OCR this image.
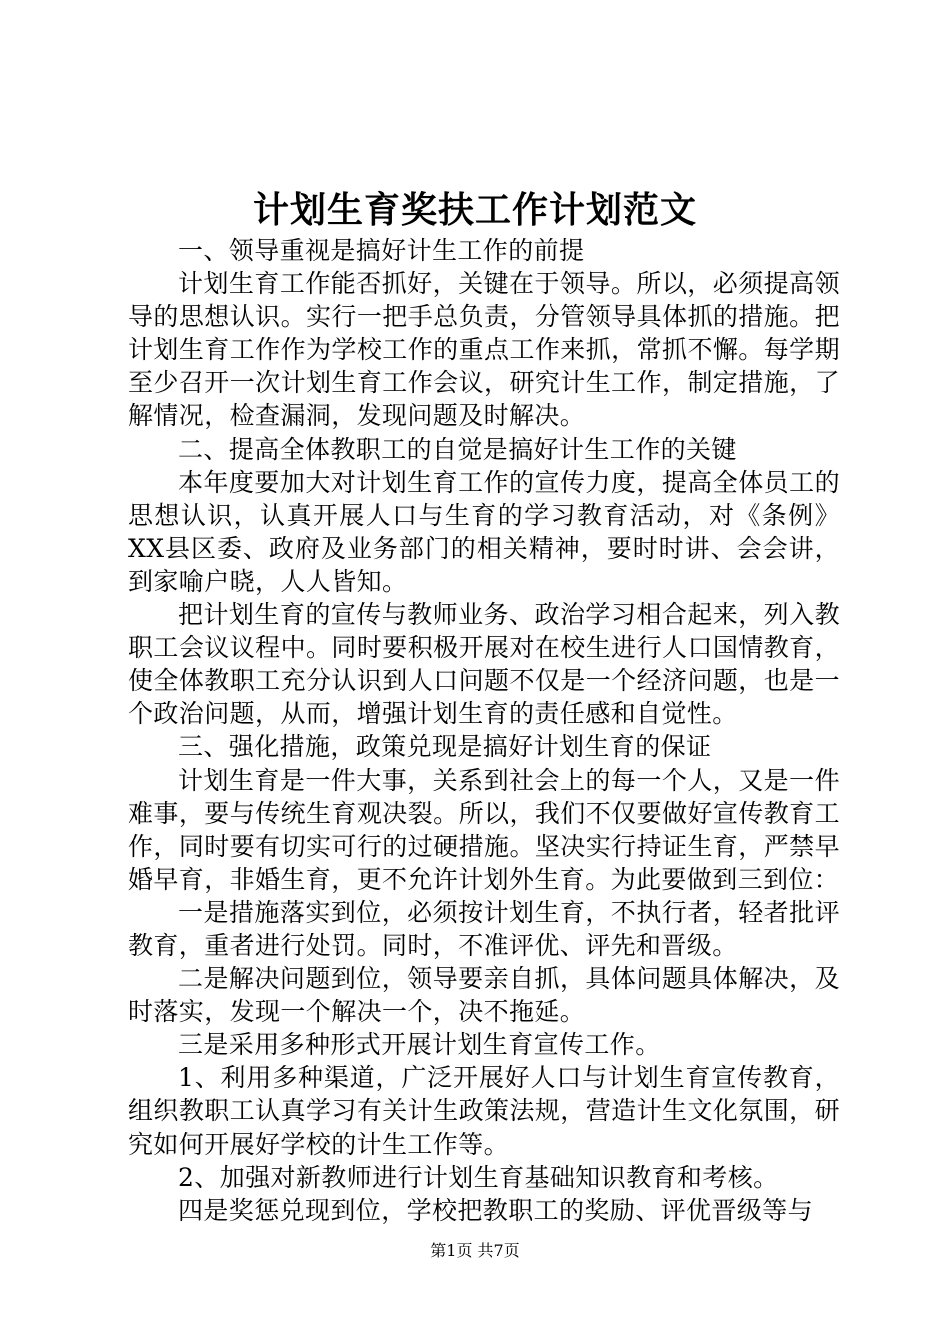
计划生育奖扶工作计划范文

一、领导重视是搞好计生工作的前提

计划生育工作能否抓好，关键在于领导。所以，必须提高领导的思想认识。实行一把手总负责，分管领导具体抓的措施。把计划生育工作作为学校工作的重点工作来抓，常抓不懈。每学期至少召开一次计划生育工作会议，研究计生工作，制定措施，了解情况，检查漏洞，发现问题及时解决。

二、提高全体教职工的自觉是搞好计生工作的关键

本年度要加大对计划生育工作的宣传力度，提高全体员工的思想认识，认真开展人口与生育的学习教育活动，对《条例》XX县区委、政府及业务部门的相关精神，要时时讲、会会讲，到家喻户晓，人人皆知。

把计划生育的宣传与教师业务、政治学习相合起来，列入教职工会议议程中。同时要积极开展对在校生进行人口国情教育，使全体教职工充分认识到人口问题不仅是一个经济问题，也是一个政治问题，从而，增强计划生育的责任感和自觉性。

三、强化措施，政策兑现是搞好计划生育的保证

计划生育是一件大事，关系到社会上的每一个人，又是一件难事，要与传统生育观决裂。所以，我们不仅要做好宣传教育工作，同时要有切实可行的过硬措施。坚决实行持证生育，严禁早婚早育，非婚生育，更不允许计划外生育。为此要做到三到位：

一是措施落实到位，必须按计划生育，不执行者，轻者批评教育，重者进行处罚。同时，不准评优、评先和晋级。

二是解决问题到位，领导要亲自抓，具体问题具体解决，及时落实，发现一个解决一个，决不拖延。

三是采用多种形式开展计划生育宣传工作。

1、利用多种渠道，广泛开展好人口与计划生育宣传教育，组织教职工认真学习有关计生政策法规，营造计生文化氛围，研究如何开展好学校的计生工作等。

2、加强对新教师进行计划生育基础知识教育和考核。

四是奖惩兑现到位，学校把教职工的奖励、评优晋级等与

第1页 共7页
